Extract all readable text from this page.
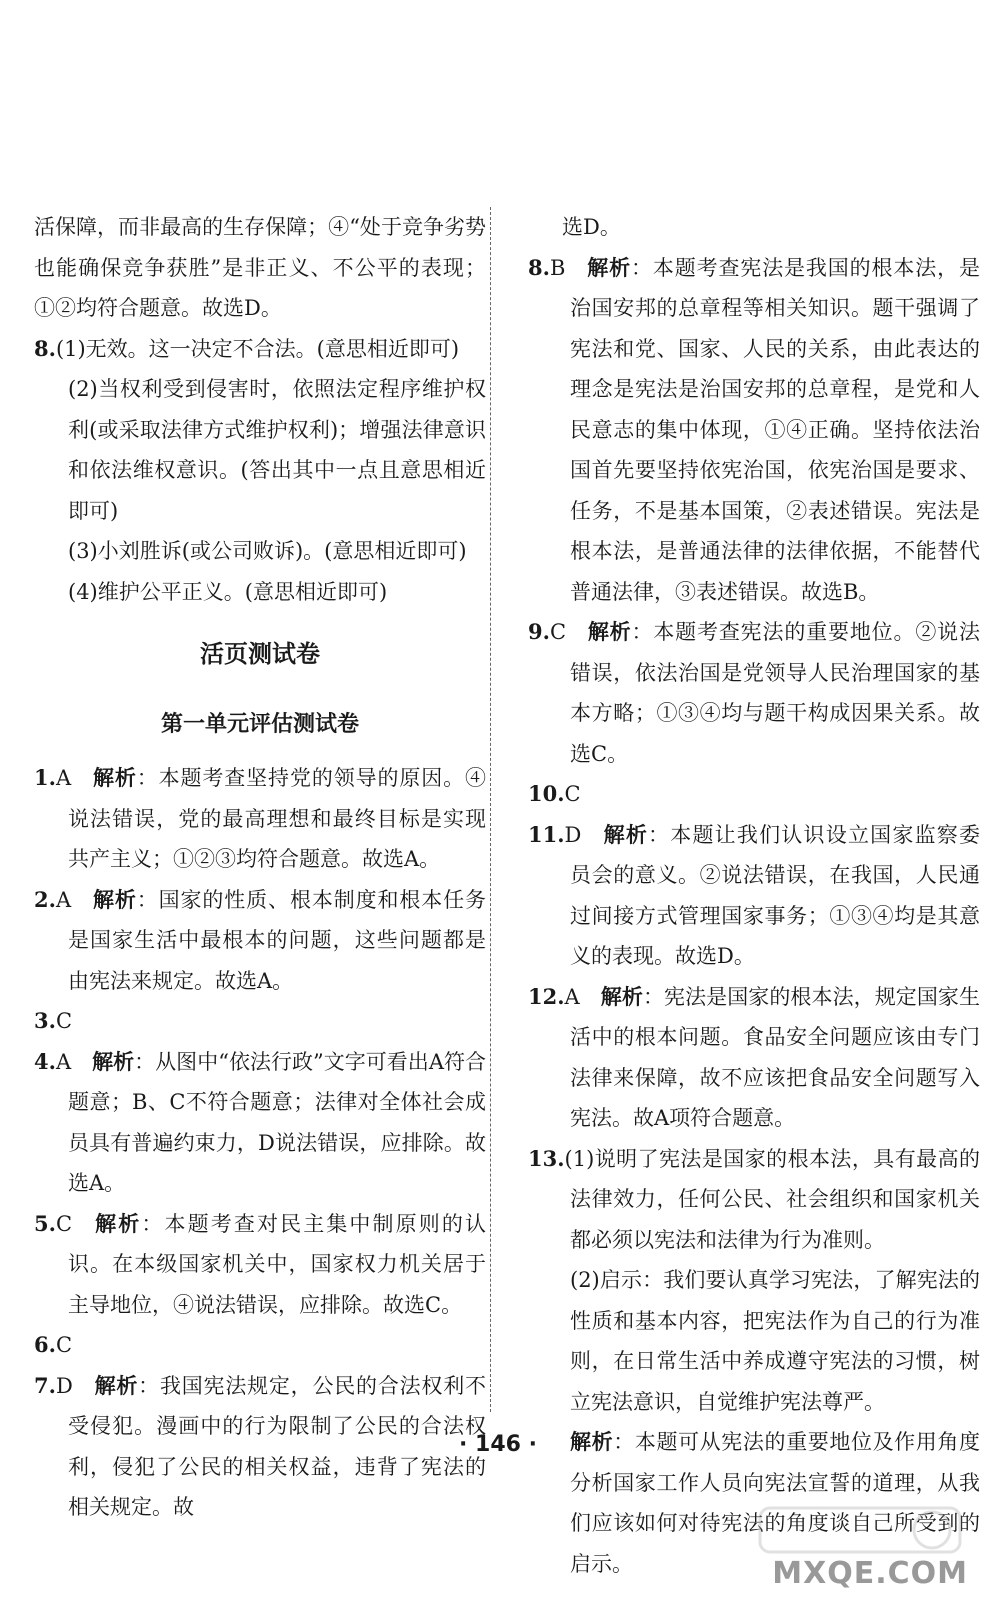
活保障，而非最高的生存保障；④“处于竞争劣势也能确保竞争获胜”是非正义、不公平的表现；①②均符合题意。故选D。

8.(1)无效。这一决定不合法。(意思相近即可)

(2)当权利受到侵害时，依照法定程序维护权利(或采取法律方式维护权利)；增强法律意识和依法维权意识。(答出其中一点且意思相近即可)

(3)小刘胜诉(或公司败诉)。(意思相近即可)

(4)维护公平正义。(意思相近即可)

活页测试卷
第一单元评估测试卷

1.A  解析：本题考查坚持党的领导的原因。④说法错误，党的最高理想和最终目标是实现共产主义；①②③均符合题意。故选A。

2.A  解析：国家的性质、根本制度和根本任务是国家生活中最根本的问题，这些问题都是由宪法来规定。故选A。

3.C

4.A  解析：从图中“依法行政”文字可看出A符合题意；B、C不符合题意；法律对全体社会成员具有普遍约束力，D说法错误，应排除。故选A。

5.C  解析：本题考查对民主集中制原则的认识。在本级国家机关中，国家权力机关居于主导地位，④说法错误，应排除。故选C。

6.C

7.D  解析：我国宪法规定，公民的合法权利不受侵犯。漫画中的行为限制了公民的合法权利，侵犯了公民的相关权益，违背了宪法的相关规定。故

选D。

8.B  解析：本题考查宪法是我国的根本法，是治国安邦的总章程等相关知识。题干强调了宪法和党、国家、人民的关系，由此表达的理念是宪法是治国安邦的总章程，是党和人民意志的集中体现，①④正确。坚持依法治国首先要坚持依宪治国，依宪治国是要求、任务，不是基本国策，②表述错误。宪法是根本法，是普通法律的法律依据，不能替代普通法律，③表述错误。故选B。

9.C  解析：本题考查宪法的重要地位。②说法错误，依法治国是党领导人民治理国家的基本方略；①③④均与题干构成因果关系。故选C。

10.C

11.D  解析：本题让我们认识设立国家监察委员会的意义。②说法错误，在我国，人民通过间接方式管理国家事务；①③④均是其意义的表现。故选D。

12.A  解析：宪法是国家的根本法，规定国家生活中的根本问题。食品安全问题应该由专门法律来保障，故不应该把食品安全问题写入宪法。故A项符合题意。

13.(1)说明了宪法是国家的根本法，具有最高的法律效力，任何公民、社会组织和国家机关都必须以宪法和法律为行为准则。

(2)启示：我们要认真学习宪法，了解宪法的性质和基本内容，把宪法作为自己的行为准则，在日常生活中养成遵守宪法的习惯，树立宪法意识，自觉维护宪法尊严。

解析：本题可从宪法的重要地位及作用角度分析国家工作人员向宪法宣誓的道理，从我们应该如何对待宪法的角度谈自己所受到的启示。

· 146 ·
MXQE.COM
